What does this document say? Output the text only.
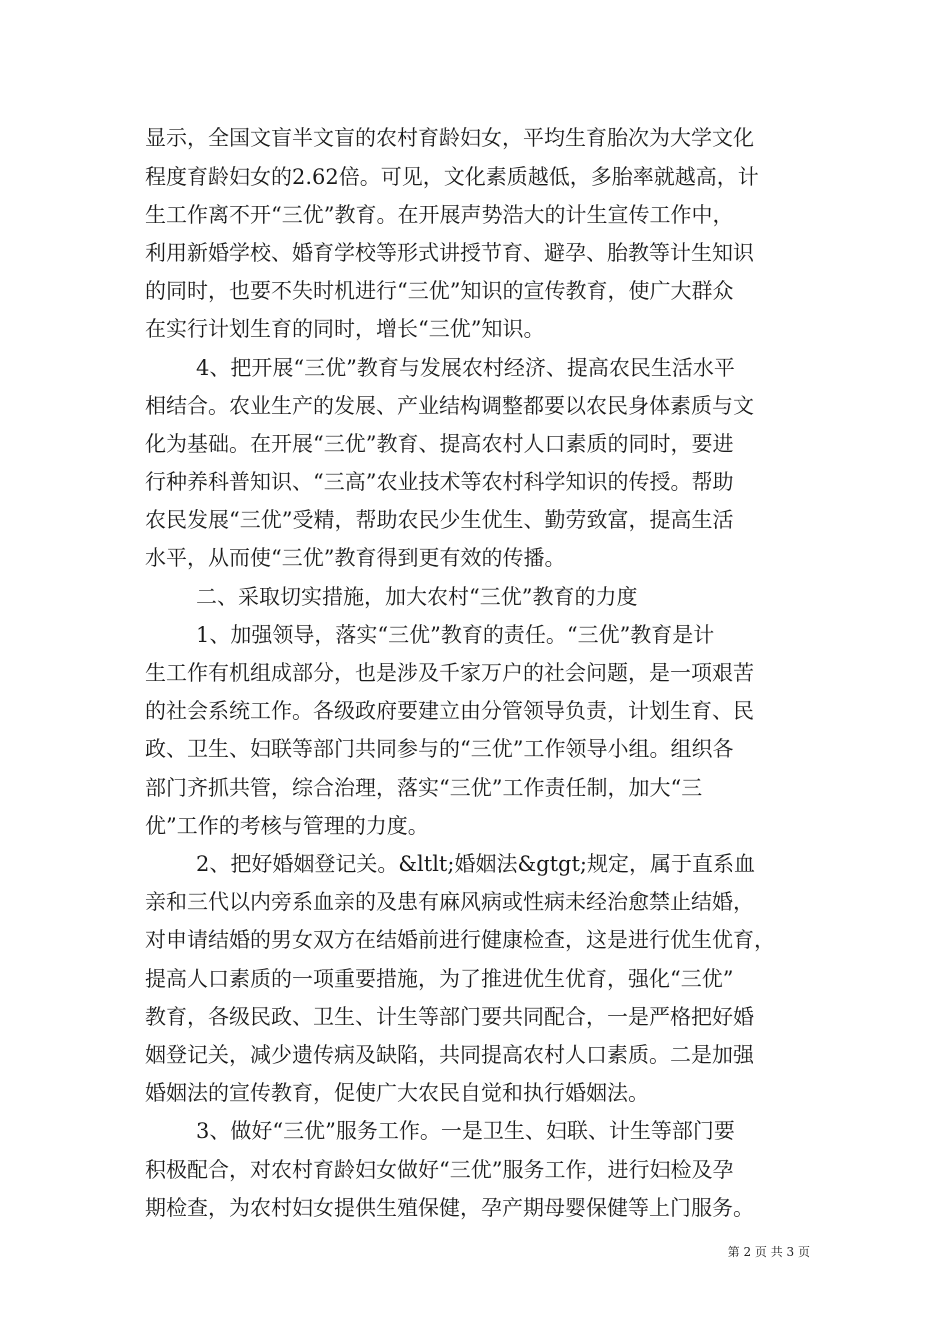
显示，全国文盲半文盲的农村育龄妇女，平均生育胎次为大学文化
程度育龄妇女的2.62倍。可见，文化素质越低，多胎率就越高，计
生工作离不开“三优”教育。在开展声势浩大的计生宣传工作中，
利用新婚学校、婚育学校等形式讲授节育、避孕、胎教等计生知识
的同时，也要不失时机进行“三优”知识的宣传教育，使广大群众
在实行计划生育的同时，增长“三优”知识。
4、把开展“三优”教育与发展农村经济、提高农民生活水平
相结合。农业生产的发展、产业结构调整都要以农民身体素质与文
化为基础。在开展“三优”教育、提高农村人口素质的同时，要进
行种养科普知识、“三高”农业技术等农村科学知识的传授。帮助
农民发展“三优”受精，帮助农民少生优生、勤劳致富，提高生活
水平，从而使“三优”教育得到更有效的传播。
二、采取切实措施，加大农村“三优”教育的力度
1、加强领导，落实“三优”教育的责任。“三优”教育是计
生工作有机组成部分，也是涉及千家万户的社会问题，是一项艰苦
的社会系统工作。各级政府要建立由分管领导负责，计划生育、民
政、卫生、妇联等部门共同参与的“三优”工作领导小组。组织各
部门齐抓共管，综合治理，落实“三优”工作责任制，加大“三
优”工作的考核与管理的力度。
2、把好婚姻登记关。&ltlt;婚姻法&gtgt;规定，属于直系血
亲和三代以内旁系血亲的及患有麻风病或性病未经治愈禁止结婚，
对申请结婚的男女双方在结婚前进行健康检查，这是进行优生优育，
提高人口素质的一项重要措施，为了推进优生优育，强化“三优”
教育，各级民政、卫生、计生等部门要共同配合，一是严格把好婚
姻登记关，减少遗传病及缺陷，共同提高农村人口素质。二是加强
婚姻法的宣传教育，促使广大农民自觉和执行婚姻法。
3、做好“三优”服务工作。一是卫生、妇联、计生等部门要
积极配合，对农村育龄妇女做好“三优”服务工作，进行妇检及孕
期检查，为农村妇女提供生殖保健，孕产期母婴保健等上门服务。
第 2 页 共 3 页
